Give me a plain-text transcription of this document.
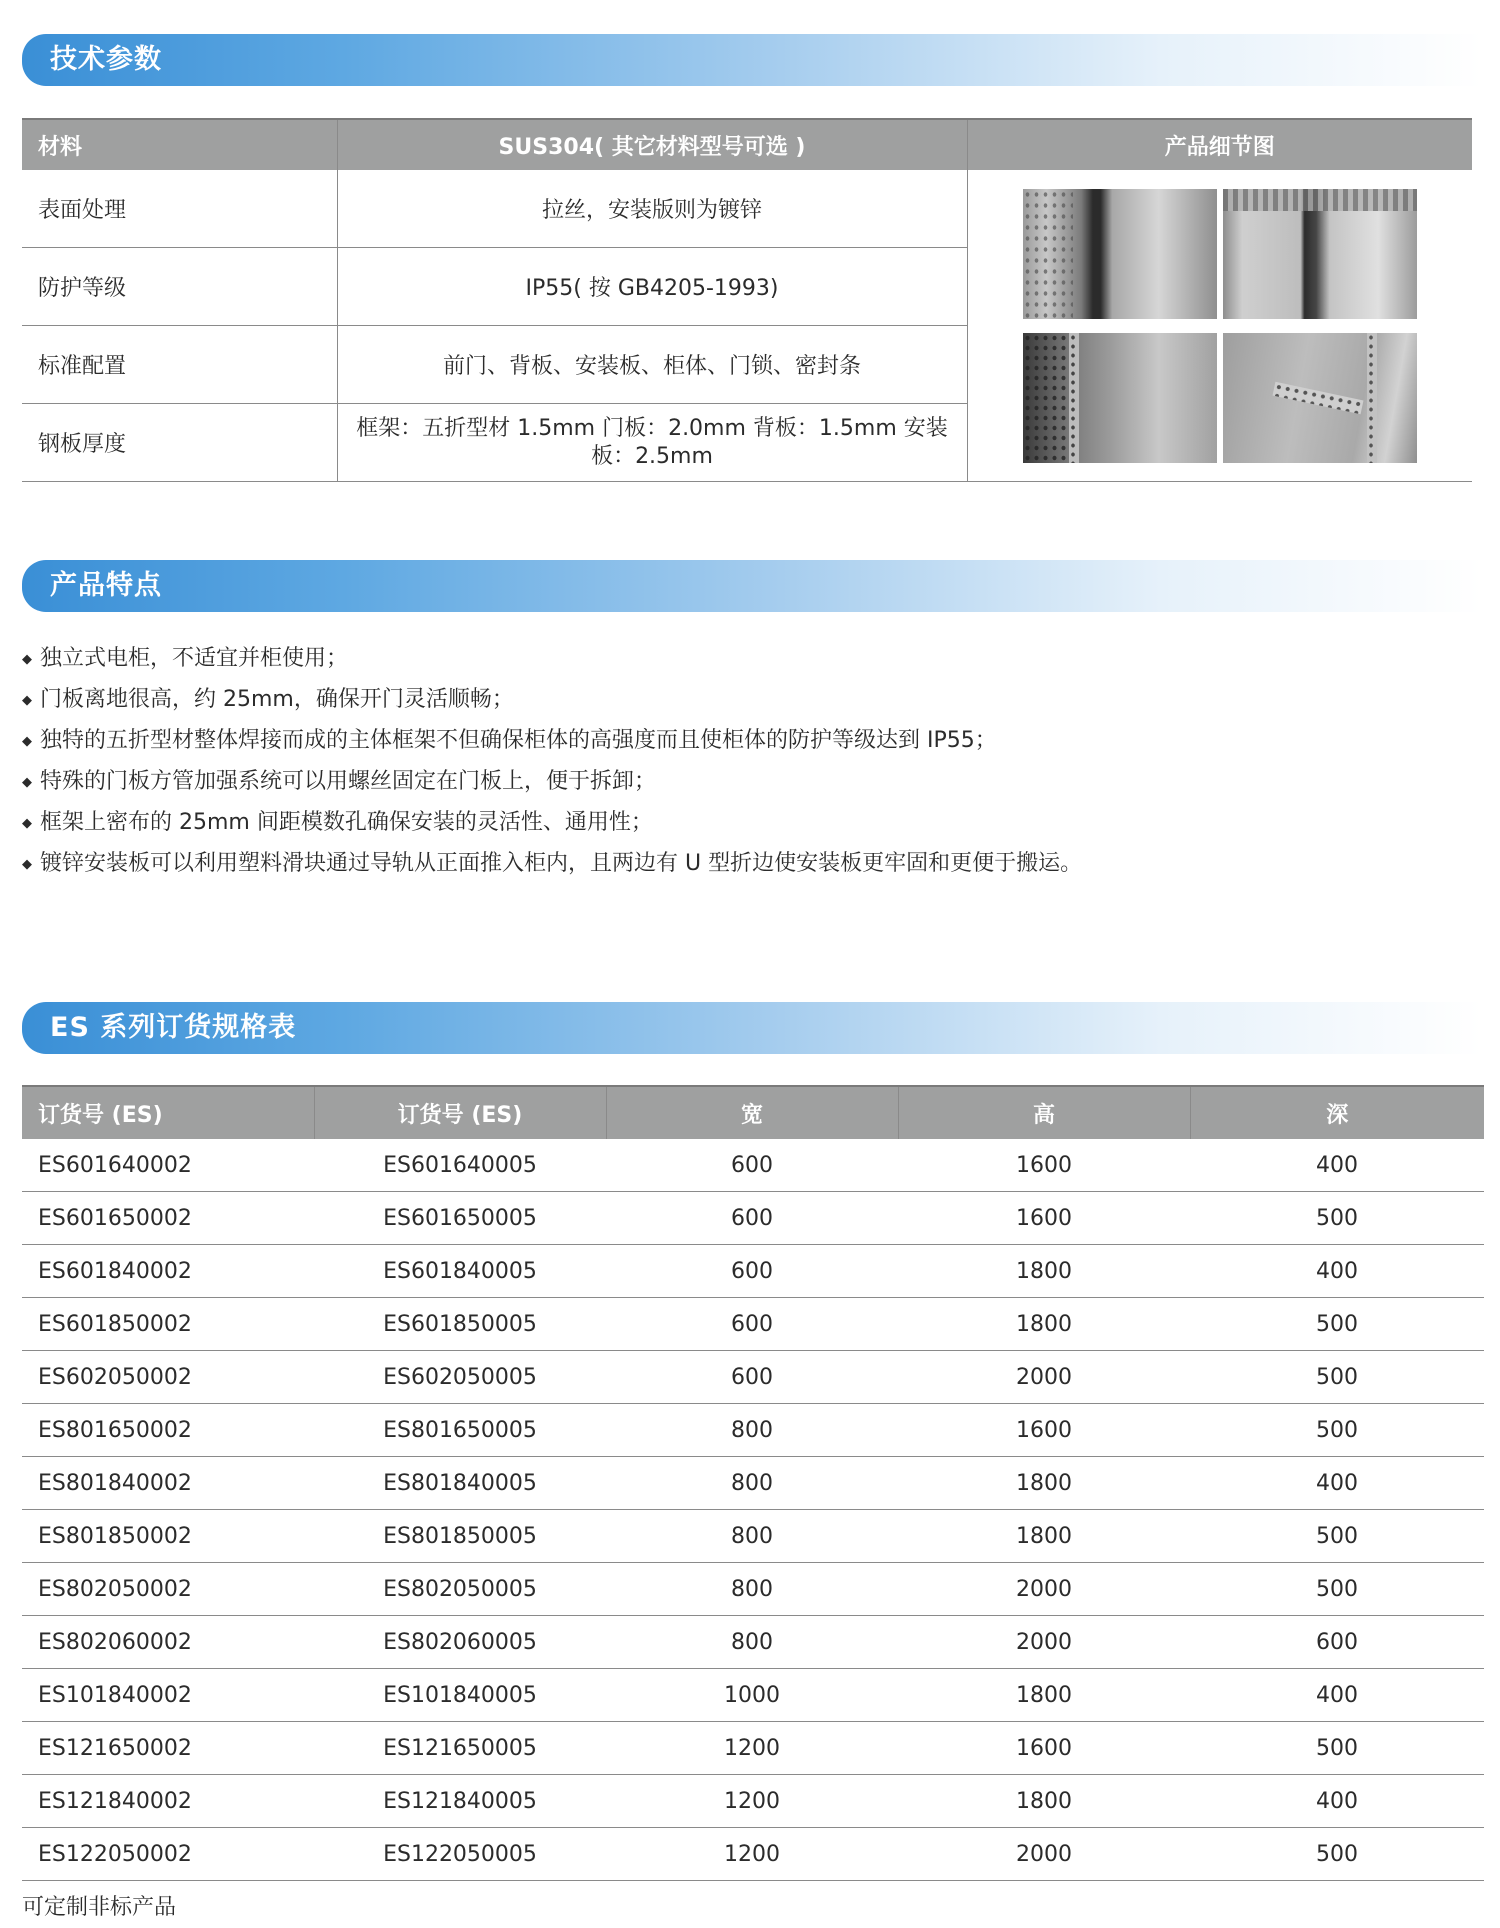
技术参数
材料	SUS304( 其它材料型号可选 )	产品细节图
表面处理	拉丝，安装版则为镀锌	

防护等级	IP55( 按 GB4205-1993)	
标准配置	前门、背板、安装板、柜体、门锁、密封条	
钢板厚度	框架：五折型材 1.5mm 门板：2.0mm 背板：1.5mm 安装板：2.5mm	
产品特点
◆ 独立式电柜，不适宜并柜使用；
◆ 门板离地很高，约 25mm，确保开门灵活顺畅；
◆ 独特的五折型材整体焊接而成的主体框架不但确保柜体的高强度而且使柜体的防护等级达到 IP55；
◆ 特殊的门板方管加强系统可以用螺丝固定在门板上，便于拆卸；
◆ 框架上密布的 25mm 间距模数孔确保安装的灵活性、通用性；
◆ 镀锌安装板可以利用塑料滑块通过导轨从正面推入柜内，且两边有 U 型折边使安装板更牢固和更便于搬运。
ES 系列订货规格表
订货号 (ES)	订货号 (ES)	宽	高	深
ES601640002	ES601640005	600	1600	400
ES601650002	ES601650005	600	1600	500
ES601840002	ES601840005	600	1800	400
ES601850002	ES601850005	600	1800	500
ES602050002	ES602050005	600	2000	500
ES801650002	ES801650005	800	1600	500
ES801840002	ES801840005	800	1800	400
ES801850002	ES801850005	800	1800	500
ES802050002	ES802050005	800	2000	500
ES802060002	ES802060005	800	2000	600
ES101840002	ES101840005	1000	1800	400
ES121650002	ES121650005	1200	1600	500
ES121840002	ES121840005	1200	1800	400
ES122050002	ES122050005	1200	2000	500
可定制非标产品
